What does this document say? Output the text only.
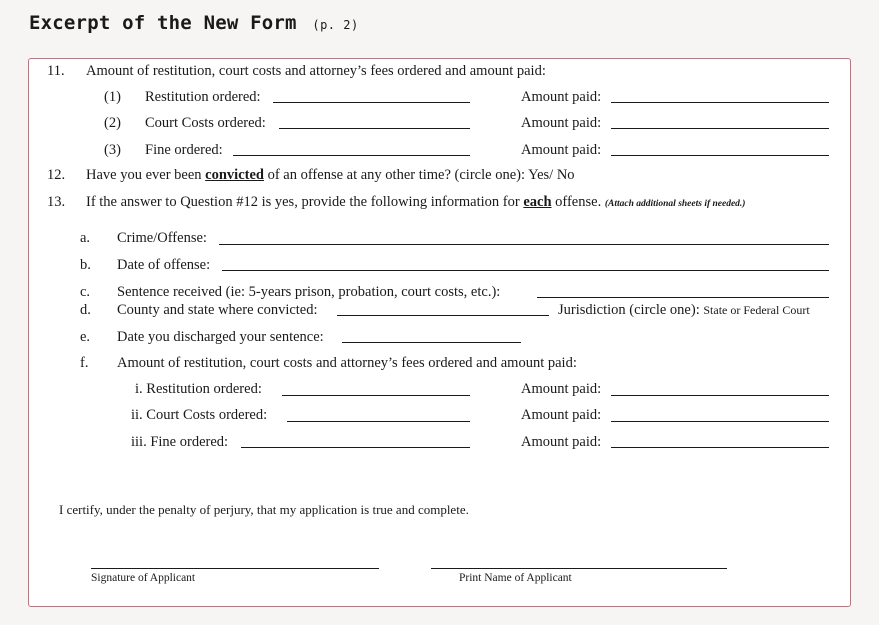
Excerpt of the New Form (p. 2)
11. Amount of restitution, court costs and attorney’s fees ordered and amount paid:
(1) Restitution ordered:	Amount paid:
(2) Court Costs ordered:	Amount paid:
(3) Fine ordered:	Amount paid:
12. Have you ever been convicted of an offense at any other time? (circle one): Yes/ No
13. If the answer to Question #12 is yes, provide the following information for each offense. (Attach additional sheets if needed.)
a. Crime/Offense:
b. Date of offense:
c. Sentence received (ie: 5-years prison, probation, court costs, etc.):
d. County and state where convicted:	Jurisdiction (circle one): State or Federal Court
e. Date you discharged your sentence:
f. Amount of restitution, court costs and attorney’s fees ordered and amount paid:
i. Restitution ordered:	Amount paid:
ii. Court Costs ordered:	Amount paid:
iii. Fine ordered:	Amount paid:
I certify, under the penalty of perjury, that my application is true and complete.
Signature of Applicant	Print Name of Applicant
